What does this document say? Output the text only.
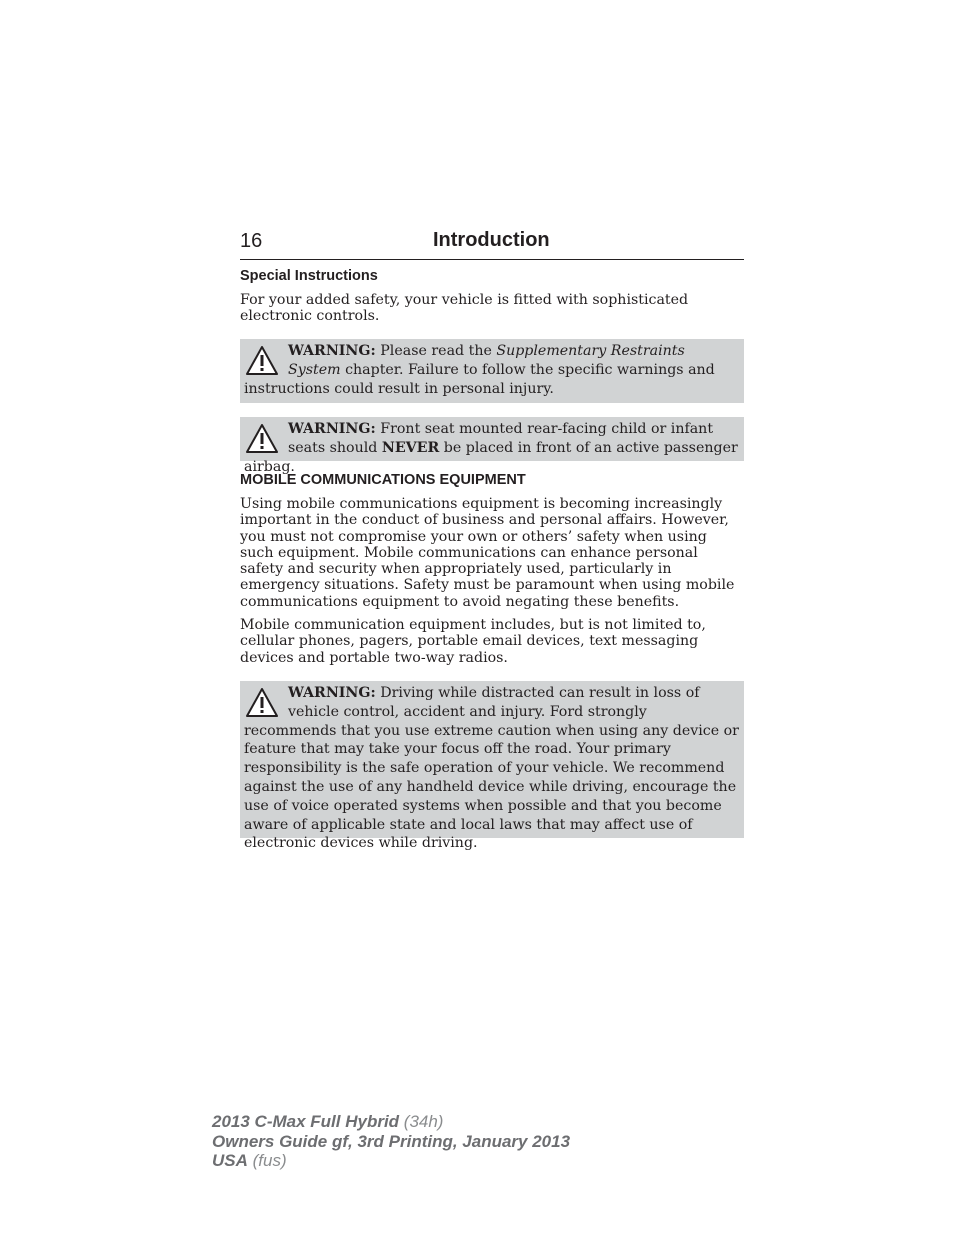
16	Introduction
Special Instructions

For your added safety, your vehicle is fitted with sophisticated electronic controls.

WARNING: Please read the Supplementary Restraints System chapter. Failure to follow the specific warnings and instructions could result in personal injury.
WARNING: Front seat mounted rear-facing child or infant seats should NEVER be placed in front of an active passenger airbag.
MOBILE COMMUNICATIONS EQUIPMENT

Using mobile communications equipment is becoming increasingly important in the conduct of business and personal affairs. However, you must not compromise your own or others’ safety when using such equipment. Mobile communications can enhance personal safety and security when appropriately used, particularly in emergency situations. Safety must be paramount when using mobile communications equipment to avoid negating these benefits.

Mobile communication equipment includes, but is not limited to, cellular phones, pagers, portable email devices, text messaging devices and portable two-way radios.

WARNING: Driving while distracted can result in loss of vehicle control, accident and injury. Ford strongly recommends that you use extreme caution when using any device or feature that may take your focus off the road. Your primary responsibility is the safe operation of your vehicle. We recommend against the use of any handheld device while driving, encourage the use of voice operated systems when possible and that you become aware of applicable state and local laws that may affect use of electronic devices while driving.
2013 C-Max Full Hybrid (34h)
Owners Guide gf, 3rd Printing, January 2013
USA (fus)
